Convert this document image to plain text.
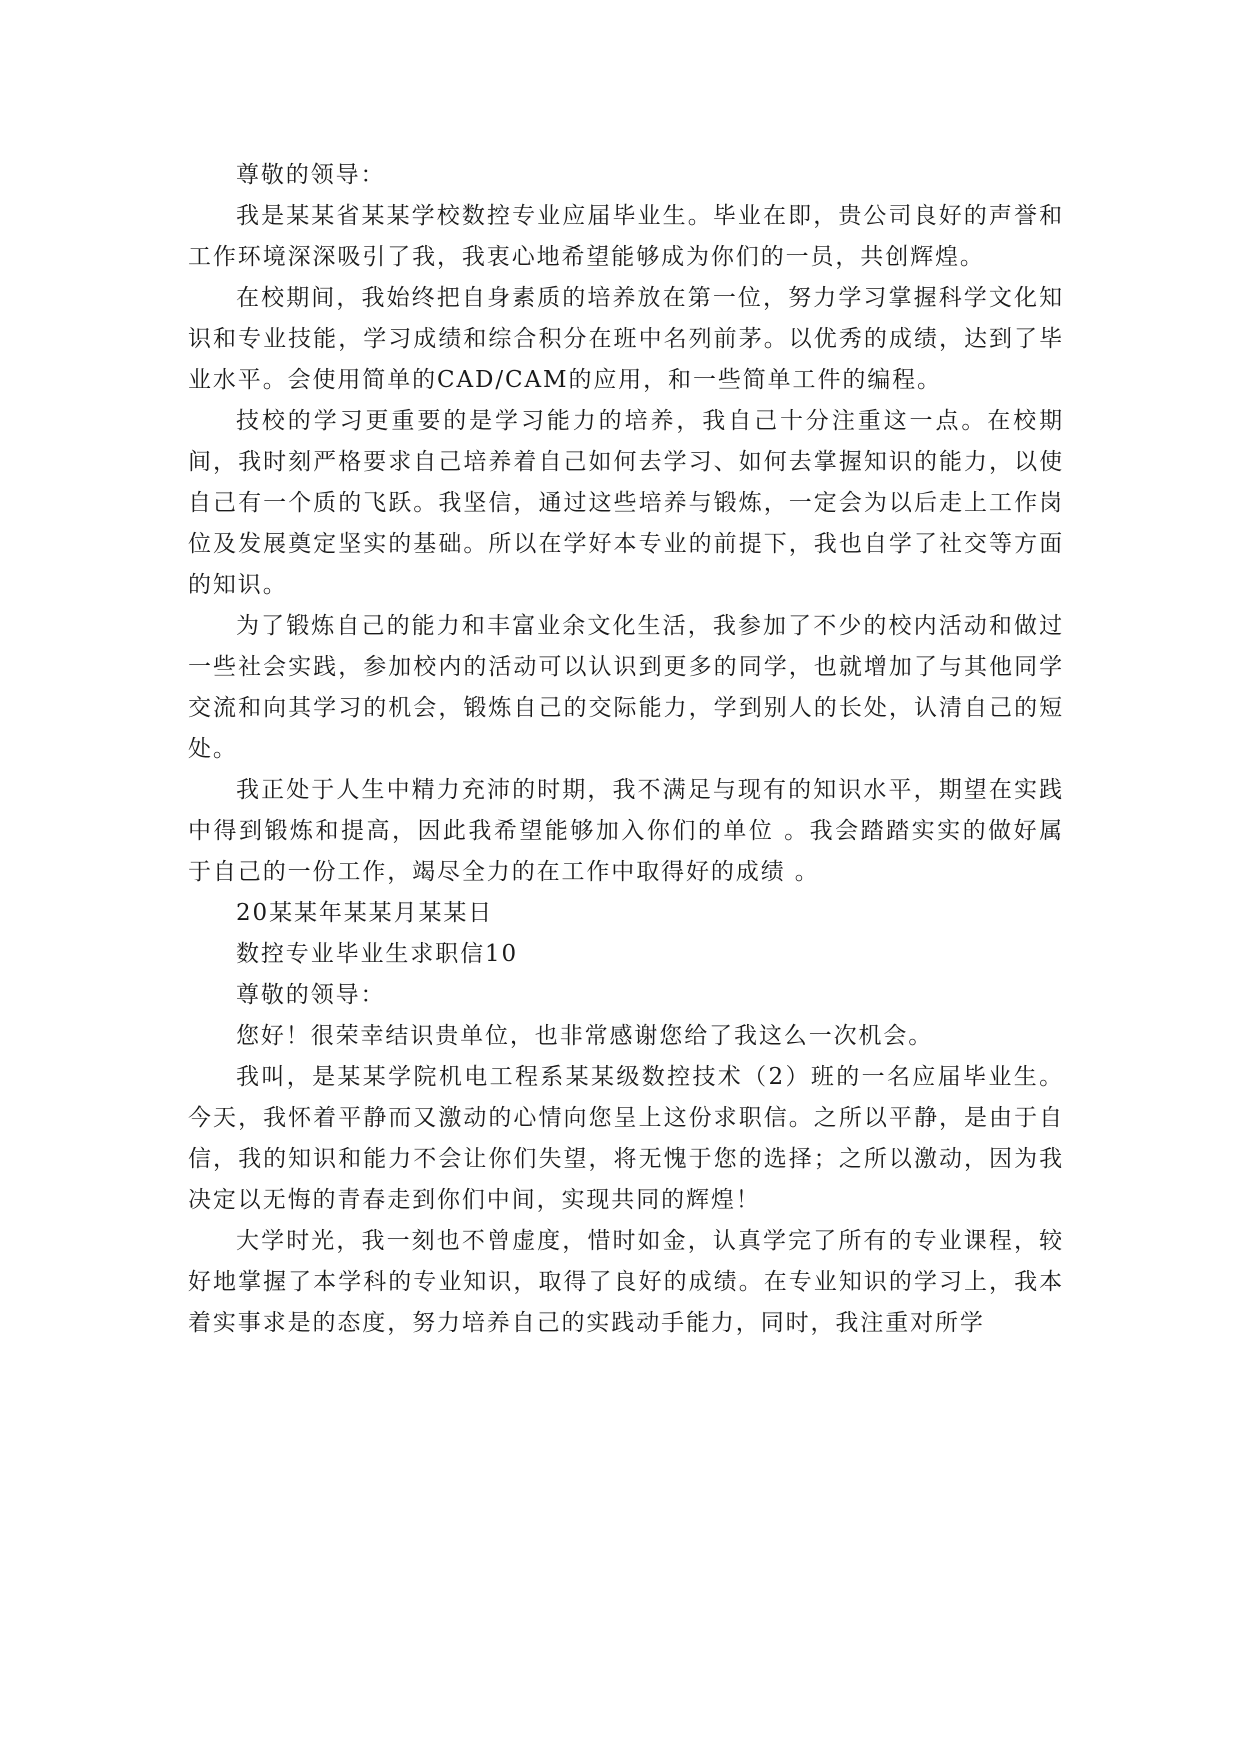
尊敬的领导：

我是某某省某某学校数控专业应届毕业生。毕业在即，贵公司良好的声誉和工作环境深深吸引了我，我衷心地希望能够成为你们的一员，共创辉煌。

在校期间，我始终把自身素质的培养放在第一位，努力学习掌握科学文化知识和专业技能，学习成绩和综合积分在班中名列前茅。以优秀的成绩，达到了毕业水平。会使用简单的CAD/CAM的应用，和一些简单工件的编程。

技校的学习更重要的是学习能力的培养，我自己十分注重这一点。在校期间，我时刻严格要求自己培养着自己如何去学习、如何去掌握知识的能力，以使自己有一个质的飞跃。我坚信，通过这些培养与锻炼，一定会为以后走上工作岗位及发展奠定坚实的基础。所以在学好本专业的前提下，我也自学了社交等方面的知识。

为了锻炼自己的能力和丰富业余文化生活，我参加了不少的校内活动和做过一些社会实践，参加校内的活动可以认识到更多的同学，也就增加了与其他同学交流和向其学习的机会，锻炼自己的交际能力，学到别人的长处，认清自己的短处。

我正处于人生中精力充沛的时期，我不满足与现有的知识水平，期望在实践中得到锻炼和提高，因此我希望能够加入你们的单位 。我会踏踏实实的做好属于自己的一份工作，竭尽全力的在工作中取得好的成绩 。

20某某年某某月某某日

数控专业毕业生求职信10

尊敬的领导：

您好！很荣幸结识贵单位，也非常感谢您给了我这么一次机会。

我叫，是某某学院机电工程系某某级数控技术（2）班的一名应届毕业生。今天，我怀着平静而又激动的心情向您呈上这份求职信。之所以平静，是由于自信，我的知识和能力不会让你们失望，将无愧于您的选择；之所以激动，因为我决定以无悔的青春走到你们中间，实现共同的辉煌！

大学时光，我一刻也不曾虚度，惜时如金，认真学完了所有的专业课程，较好地掌握了本学科的专业知识，取得了良好的成绩。在专业知识的学习上，我本着实事求是的态度，努力培养自己的实践动手能力，同时，我注重对所学
